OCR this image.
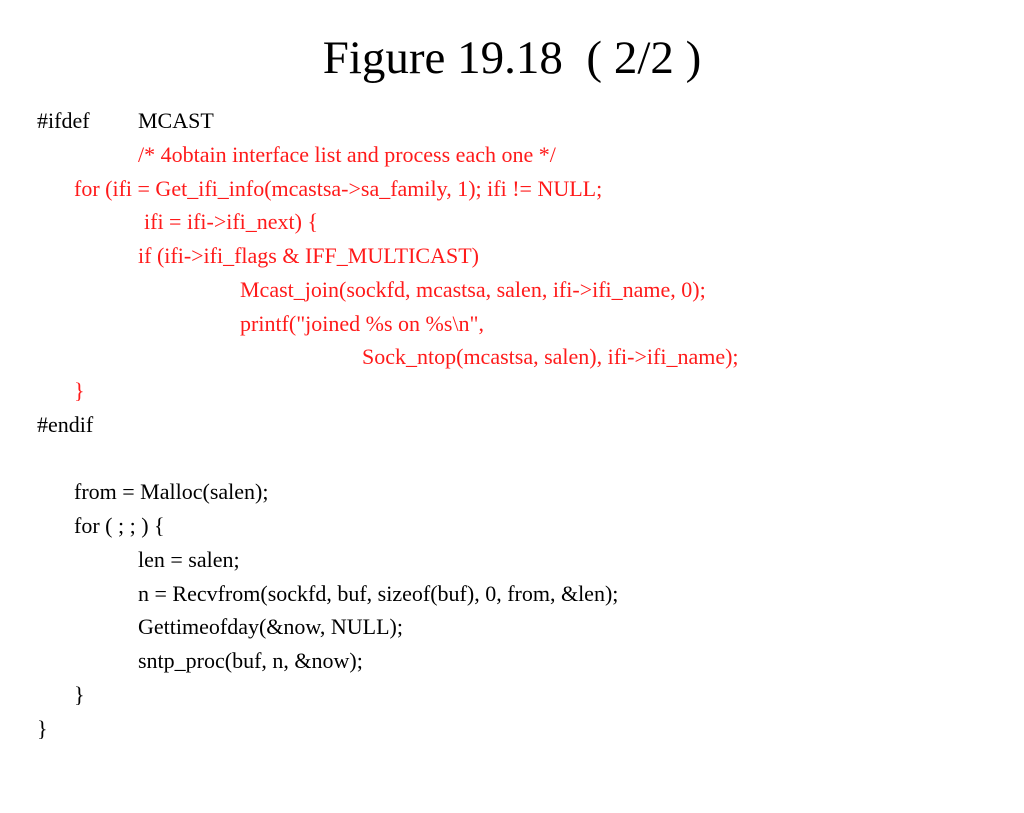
Figure 19.18  ( 2/2 )

#ifdef

MCAST

/* 4obtain interface list and process each one */

for (ifi = Get_ifi_info(mcastsa->sa_family, 1); ifi != NULL;

ifi = ifi->ifi_next) {

if (ifi->ifi_flags & IFF_MULTICAST)

Mcast_join(sockfd, mcastsa, salen, ifi->ifi_name, 0);

printf("joined %s on %s\n",

Sock_ntop(mcastsa, salen), ifi->ifi_name);

}

#endif

from = Malloc(salen);

for ( ; ; ) {

len = salen;

n = Recvfrom(sockfd, buf, sizeof(buf), 0, from, &len);

Gettimeofday(&now, NULL);

sntp_proc(buf, n, &now);

}

}
